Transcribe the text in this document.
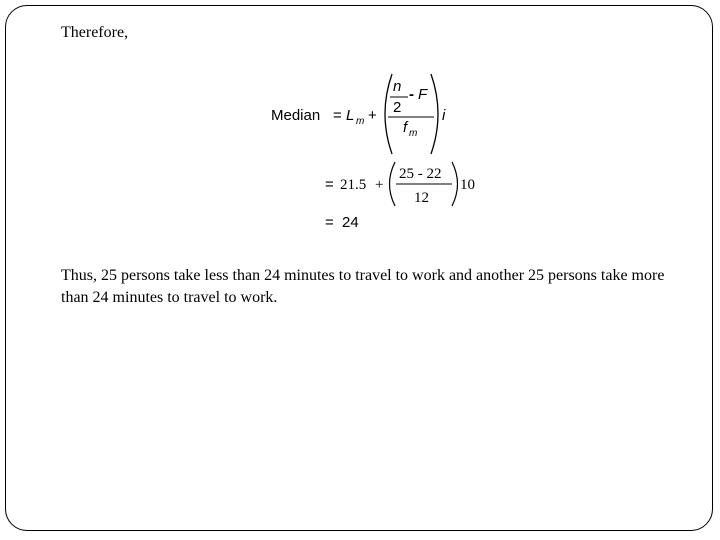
Therefore,
Median = L m +
n
2
- F
f m
i
= 21.5 +
25 - 22
12
10
= 24
Thus, 25 persons take less than 24 minutes to travel to work and another 25 persons take more than 24 minutes to travel to work.
